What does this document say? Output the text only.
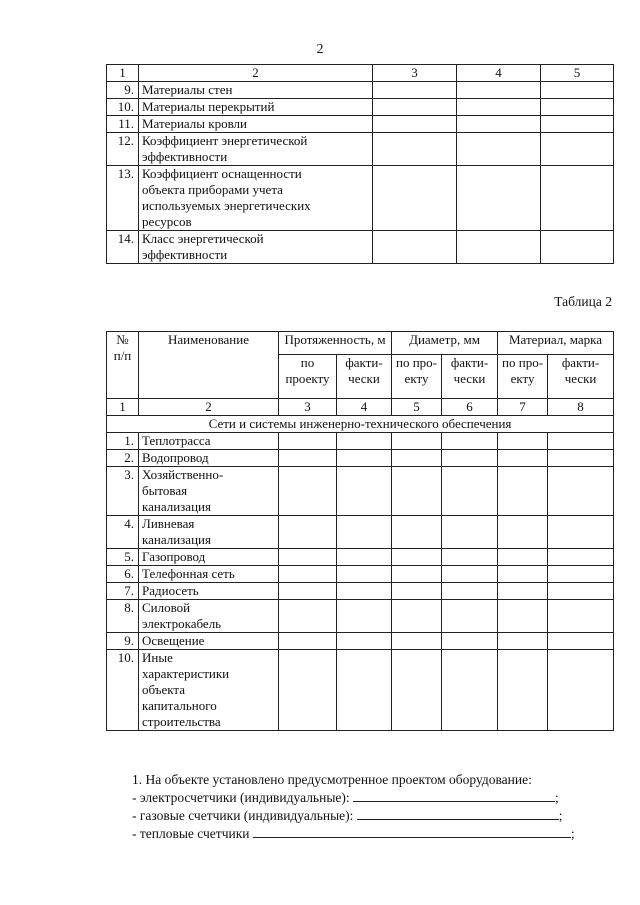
2
1	2	3	4	5
9.	Материалы стен			

10.	Материалы перекрытий			

11.	Материалы кровли			

12.	Коэффициент энергетической
эффективности			

13.	Коэффициент оснащенности
объекта приборами учета
используемых энергетических
ресурсов			

14.	Класс энергетической
эффективности			

Таблица 2
№
п/п	Наименование	Протяженность, м		Диаметр, мм		Материал, марка	
		по проекту	факти-чески	по про-екту	факти-чески	по про-екту	факти-чески
1	2	3	4	5	6	7	8
Сети и системы инженерно-технического обеспечения							
1.	Теплотрасса						

2.	Водопровод						

3.	Хозяйственно-
бытовая
канализация						

4.	Ливневая
канализация						

5.	Газопровод						

6.	Телефонная сеть						

7.	Радиосеть						

8.	Силовой
электрокабель						

9.	Освещение						

10.	Иные
характеристики
объекта
капитального
строительства						

1. На объекте установлено предусмотренное проектом оборудование:
- электросчетчики (индивидуальные):	;
- газовые счетчики (индивидуальные):	;
- тепловые счетчики	;
